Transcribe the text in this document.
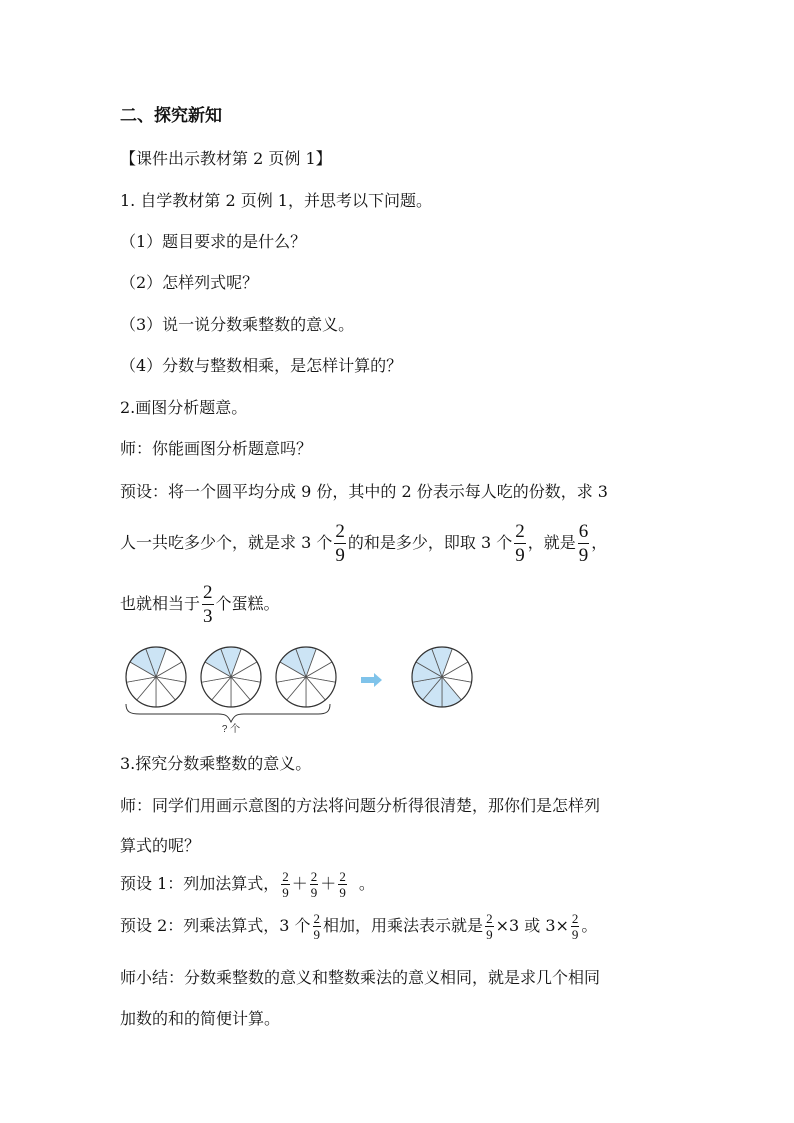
二、探究新知
【课件出示教材第 2 页例 1】
1. 自学教材第 2 页例 1，并思考以下问题。
（1）题目要求的是什么？
（2）怎样列式呢？
（3）说一说分数乘整数的意义。
（4）分数与整数相乘，是怎样计算的？
2.画图分析题意。
师：你能画图分析题意吗？
预设：将一个圆平均分成 9 份，其中的 2 份表示每人吃的份数，求 3
人一共吃多少个，就是求 3 个 $\frac{2}{9}$ 的和是多少，即取 3 个 $\frac{2}{9}$ ，就是 $\frac{6}{9}$ ，
也就相当于 $\frac{2}{3}$ 个蛋糕。
? 个
3.探究分数乘整数的意义。
师：同学们用画示意图的方法将问题分析得很清楚，那你们是怎样列
算式的呢？
预设 1：列加法算式， $\frac{2}{9} + \frac{2}{9} + \frac{2}{9}$ 。
预设 2：列乘法算式，3 个 $\frac{2}{9}$ 相加，用乘法表示就是 $\frac{2}{9} \times 3$ 或 $3\times \frac{2}{9}$ 。
师小结：分数乘整数的意义和整数乘法的意义相同，就是求几个相同
加数的和的简便计算。
